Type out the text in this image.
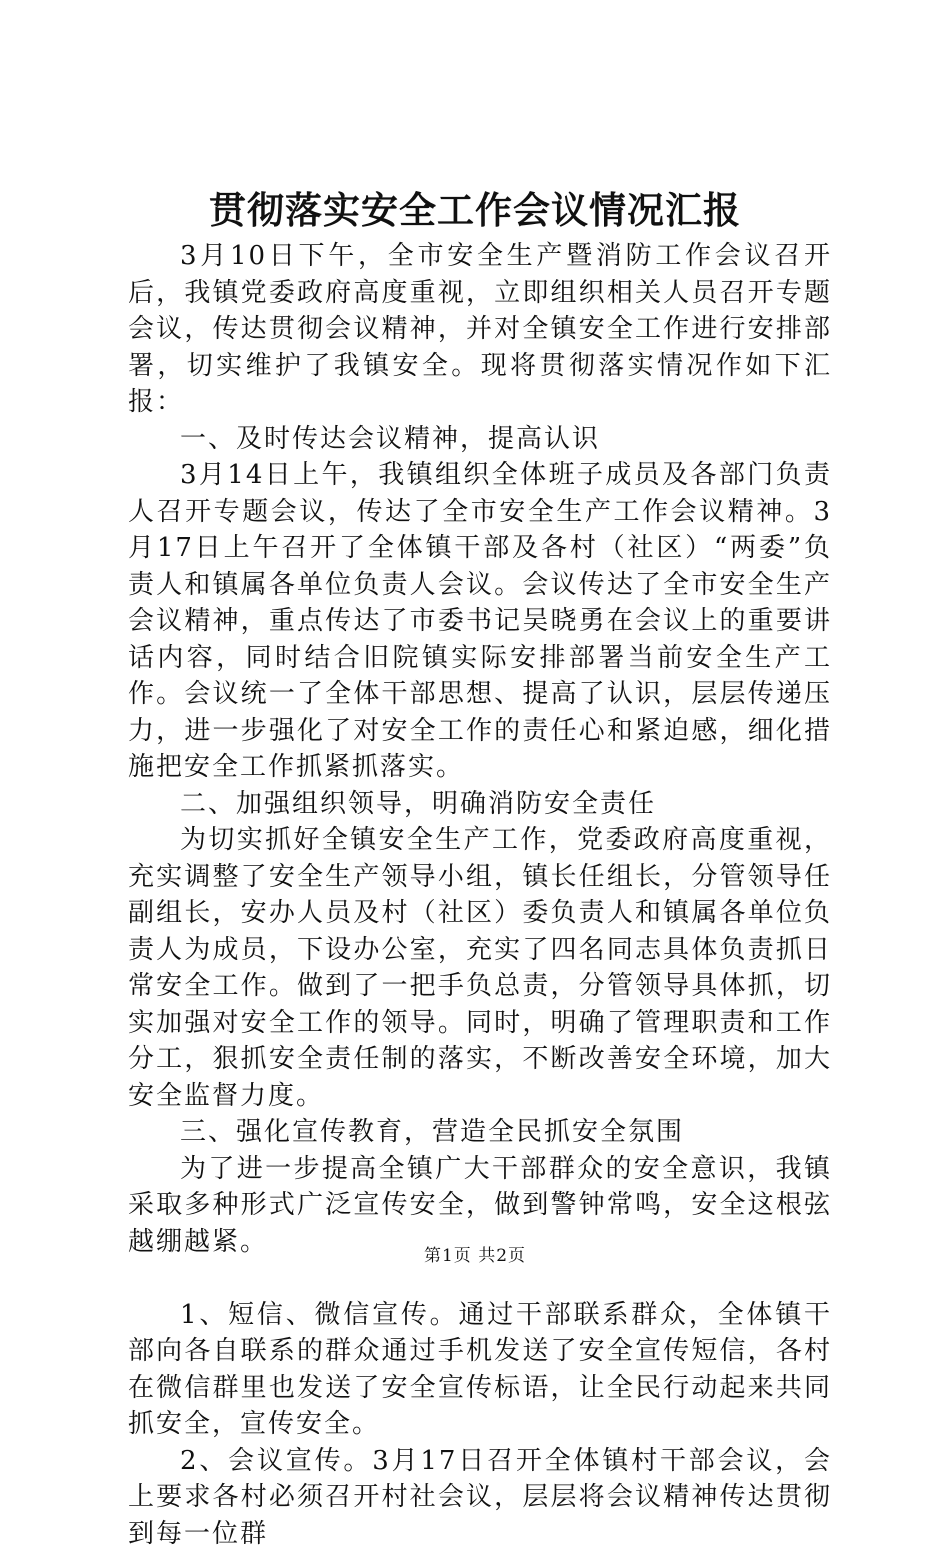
贯彻落实安全工作会议情况汇报

3月10日下午，全市安全生产暨消防工作会议召开后，我镇党委政府高度重视，立即组织相关人员召开专题会议，传达贯彻会议精神，并对全镇安全工作进行安排部署，切实维护了我镇安全。现将贯彻落实情况作如下汇报：

一、及时传达会议精神，提高认识

3月14日上午，我镇组织全体班子成员及各部门负责人召开专题会议，传达了全市安全生产工作会议精神。3月17日上午召开了全体镇干部及各村（社区）“两委”负责人和镇属各单位负责人会议。会议传达了全市安全生产会议精神，重点传达了市委书记吴晓勇在会议上的重要讲话内容，同时结合旧院镇实际安排部署当前安全生产工作。会议统一了全体干部思想、提高了认识，层层传递压力，进一步强化了对安全工作的责任心和紧迫感，细化措施把安全工作抓紧抓落实。

二、加强组织领导，明确消防安全责任

为切实抓好全镇安全生产工作，党委政府高度重视，充实调整了安全生产领导小组，镇长任组长，分管领导任副组长，安办人员及村（社区）委负责人和镇属各单位负责人为成员，下设办公室，充实了四名同志具体负责抓日常安全工作。做到了一把手负总责，分管领导具体抓，切实加强对安全工作的领导。同时，明确了管理职责和工作分工，狠抓安全责任制的落实，不断改善安全环境，加大安全监督力度。

三、强化宣传教育，营造全民抓安全氛围

为了进一步提高全镇广大干部群众的安全意识，我镇采取多种形式广泛宣传安全，做到警钟常鸣，安全这根弦越绷越紧。

1、短信、微信宣传。通过干部联系群众，全体镇干部向各自联系的群众通过手机发送了安全宣传短信，各村在微信群里也发送了安全宣传标语，让全民行动起来共同抓安全，宣传安全。

2、会议宣传。3月17日召开全体镇村干部会议，会上要求各村必须召开村社会议，层层将会议精神传达贯彻到每一位群

第1页 共2页
